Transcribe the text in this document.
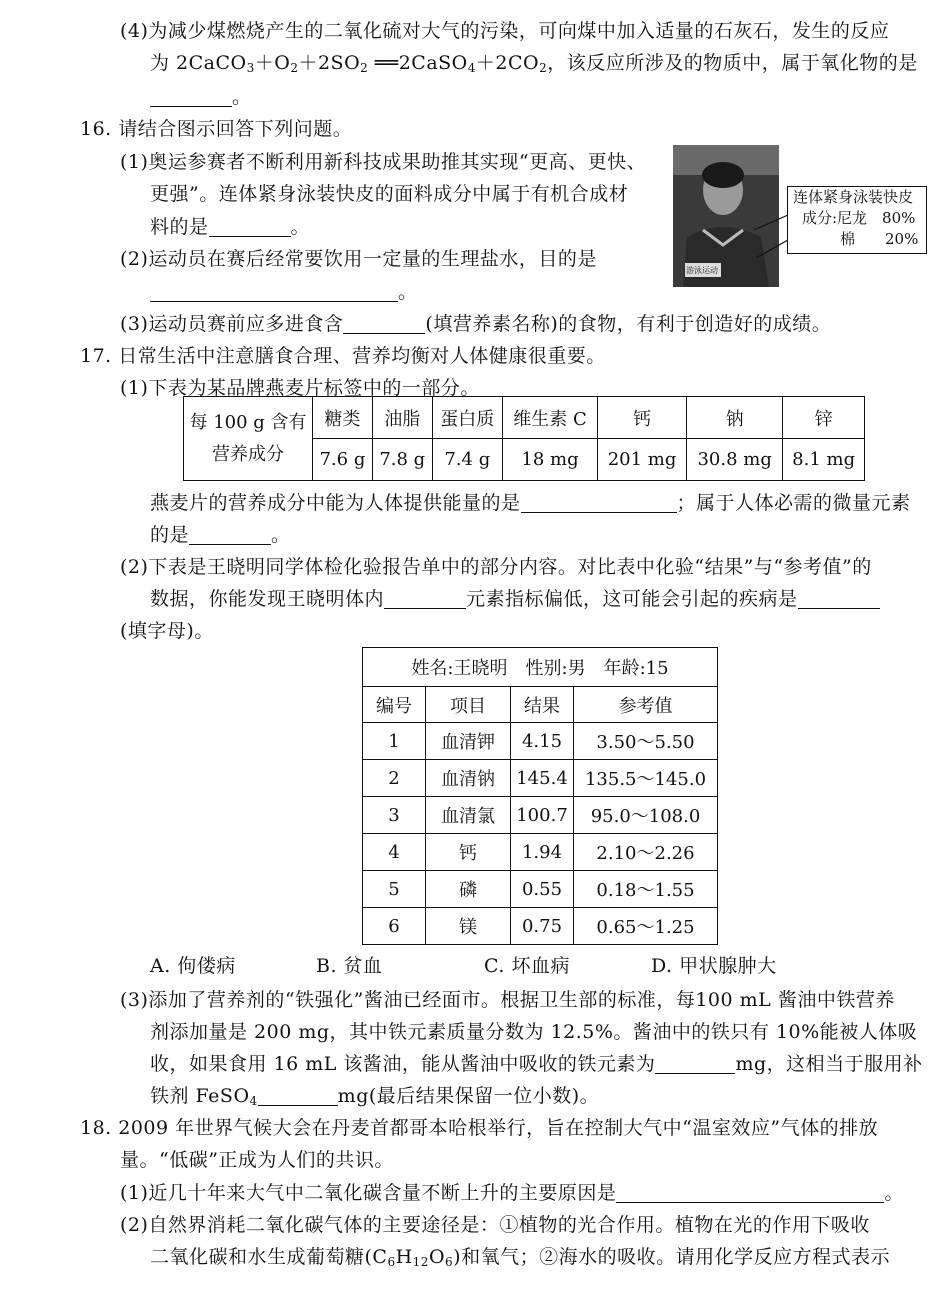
(4)为减少煤燃烧产生的二氧化硫对大气的污染，可向煤中加入适量的石灰石，发生的反应
为 $2CaCO_3+O_2+2SO_2$ $══2CaSO_4+2CO_2$，该反应所涉及的物质中，属于氧化物的是
。
16. 请结合图示回答下列问题。
(1)奥运参赛者不断利用新科技成果助推其实现“更高、更快、
更强”。连体紧身泳装快皮的面料成分中属于有机合成材
料的是	。
(2)运动员在赛后经常要饮用一定量的生理盐水，目的是
。
(3)运动员赛前应多进食含	(填营养素名称)的食物，有利于创造好的成绩。
游泳运动
连体紧身泳装快皮
成分:尼龙　80%
棉　　20%
17. 日常生活中注意膳食合理、营养均衡对人体健康很重要。
(1)下表为某品牌燕麦片标签中的一部分。
每 100 g 含有
营养成分	糖类	油脂	蛋白质	维生素 C	钙	钠	锌
	7.6 g	7.8 g	7.4 g	18 mg	201 mg	30.8 mg	8.1 mg
燕麦片的营养成分中能为人体提供能量的是	；属于人体必需的微量元素
的是	。
(2)下表是王晓明同学体检化验报告单中的部分内容。对比表中化验“结果”与“参考值”的
数据，你能发现王晓明体内	元素指标偏低，这可能会引起的疾病是
(填字母)。
姓名:王晓明　性别:男　年龄:15			
编号	项目	结果	参考值
1	血清钾	4.15	3.50～5.50
2	血清钠	145.4	135.5～145.0
3	血清氯	100.7	95.0～108.0
4	钙	1.94	2.10～2.26
5	磷	0.55	0.18～1.55
6	镁	0.75	0.65～1.25
A. 佝偻病	B. 贫血	C. 坏血病	D. 甲状腺肿大
(3)添加了营养剂的“铁强化”酱油已经面市。根据卫生部的标准，每100 mL 酱油中铁营养
剂添加量是 200 mg，其中铁元素质量分数为 12.5%。酱油中的铁只有 10%能被人体吸
收，如果食用 16 mL 该酱油，能从酱油中吸收的铁元素为	mg，这相当于服用补
铁剂 FeSO$_4$	mg(最后结果保留一位小数)。
18. 2009 年世界气候大会在丹麦首都哥本哈根举行，旨在控制大气中“温室效应”气体的排放
量。“低碳”正成为人们的共识。
(1)近几十年来大气中二氧化碳含量不断上升的主要原因是	。
(2)自然界消耗二氧化碳气体的主要途径是：①植物的光合作用。植物在光的作用下吸收
二氧化碳和水生成葡萄糖$(C_6H_{12}O_6)$和氧气；②海水的吸收。请用化学反应方程式表示
